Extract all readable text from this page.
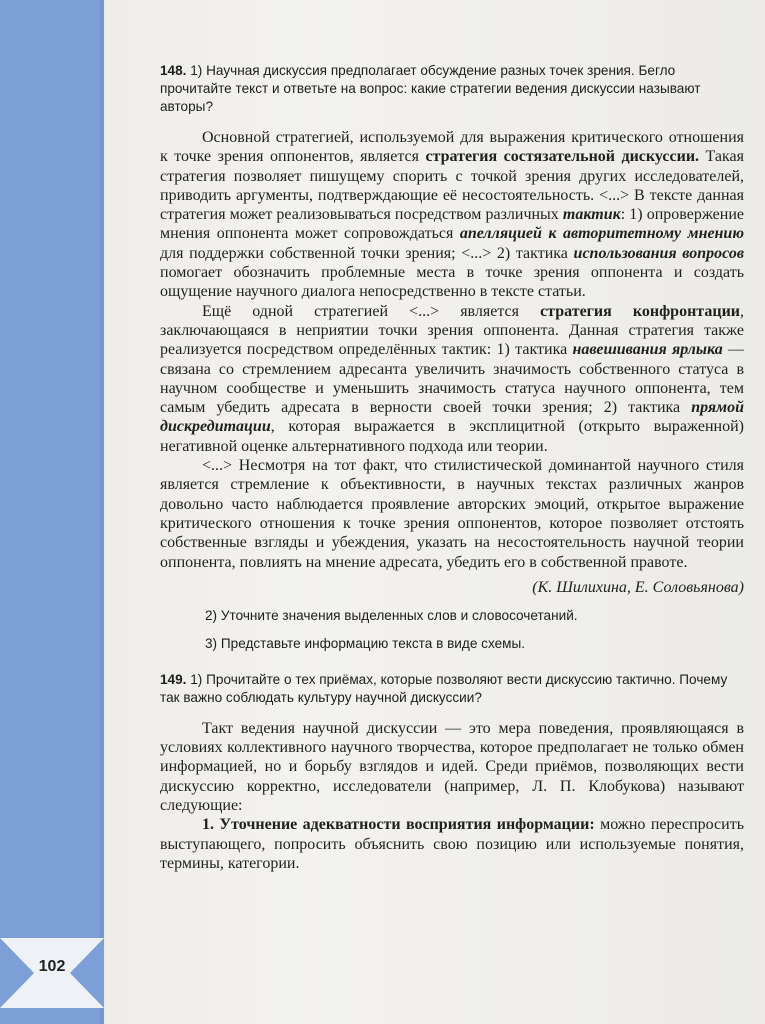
102

148. 1) Научная дискуссия предполагает обсуждение разных точек зрения. Бегло прочитайте текст и ответьте на вопрос: какие стратегии ведения дискуссии называют авторы?

Основной стратегией, используемой для выражения критического отношения к точке зрения оппонентов, является стратегия состязательной дискуссии. Такая стратегия позволяет пишущему спорить с точкой зрения других исследователей, приводить аргументы, подтверждающие её несостоятельность. <...> В тексте данная стратегия может реализовываться посредством различных тактик: 1) опровержение мнения оппонента может сопровождаться апелляцией к авторитетному мнению для поддержки собственной точки зрения; <...> 2) тактика использования вопросов помогает обозначить проблемные места в точке зрения оппонента и создать ощущение научного диалога непосредственно в тексте статьи.

Ещё одной стратегией <...> является стратегия конфронтации, заключающаяся в неприятии точки зрения оппонента. Данная стратегия также реализуется посредством определённых тактик: 1) тактика навешивания ярлыка — связана со стремлением адресанта увеличить значимость собственного статуса в научном сообществе и уменьшить значимость статуса научного оппонента, тем самым убедить адресата в верности своей точки зрения; 2) тактика прямой дискредитации, которая выражается в эксплицитной (открыто выраженной) негативной оценке альтернативного подхода или теории.

<...> Несмотря на тот факт, что стилистической доминантой научного стиля является стремление к объективности, в научных текстах различных жанров довольно часто наблюдается проявление авторских эмоций, открытое выражение критического отношения к точке зрения оппонентов, которое позволяет отстоять собственные взгляды и убеждения, указать на несостоятельность научной теории оппонента, повлиять на мнение адресата, убедить его в собственной правоте.

(К. Шилихина, Е. Соловьянова)

2) Уточните значения выделенных слов и словосочетаний.

3) Представьте информацию текста в виде схемы.

149. 1) Прочитайте о тех приёмах, которые позволяют вести дискуссию тактично. Почему так важно соблюдать культуру научной дискуссии?

Такт ведения научной дискуссии — это мера поведения, проявляющаяся в условиях коллективного научного творчества, которое предполагает не только обмен информацией, но и борьбу взглядов и идей. Среди приёмов, позволяющих вести дискуссию корректно, исследователи (например, Л. П. Клобукова) называют следующие:

1. Уточнение адекватности восприятия информации: можно переспросить выступающего, попросить объяснить свою позицию или используемые понятия, термины, категории.
